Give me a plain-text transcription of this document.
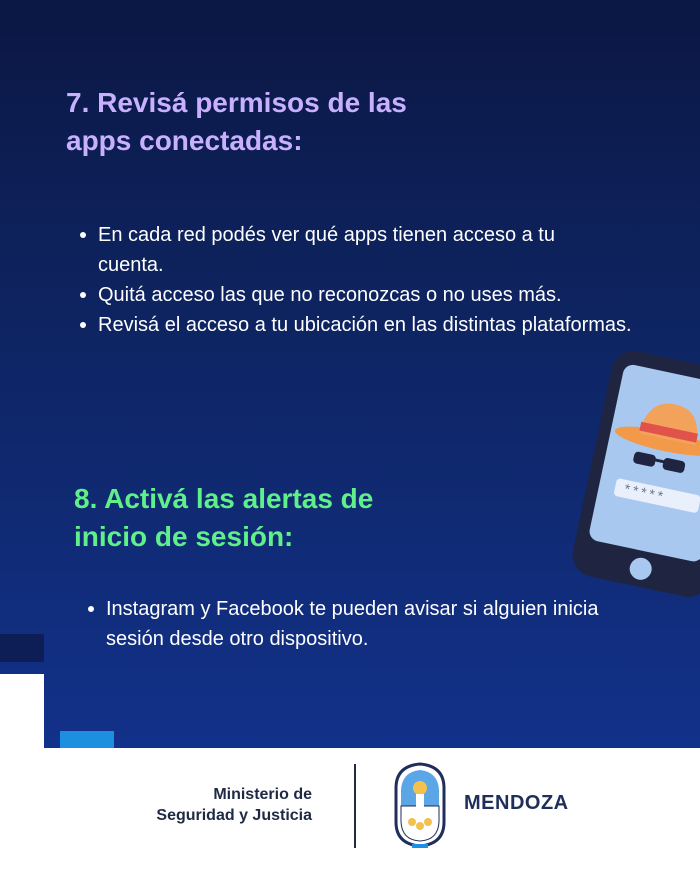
7. Revisá permisos de las
apps conectadas:
En cada red podés ver qué apps tienen acceso a tu cuenta.
Quitá acceso las que no reconozcas o no uses más.
Revisá el acceso a tu ubicación en las distintas plataformas.
8. Activá las alertas de
inicio de sesión:
Instagram y Facebook te pueden avisar si alguien inicia sesión desde otro dispositivo.
*****
Ministerio de
Seguridad y Justicia
MENDOZA
